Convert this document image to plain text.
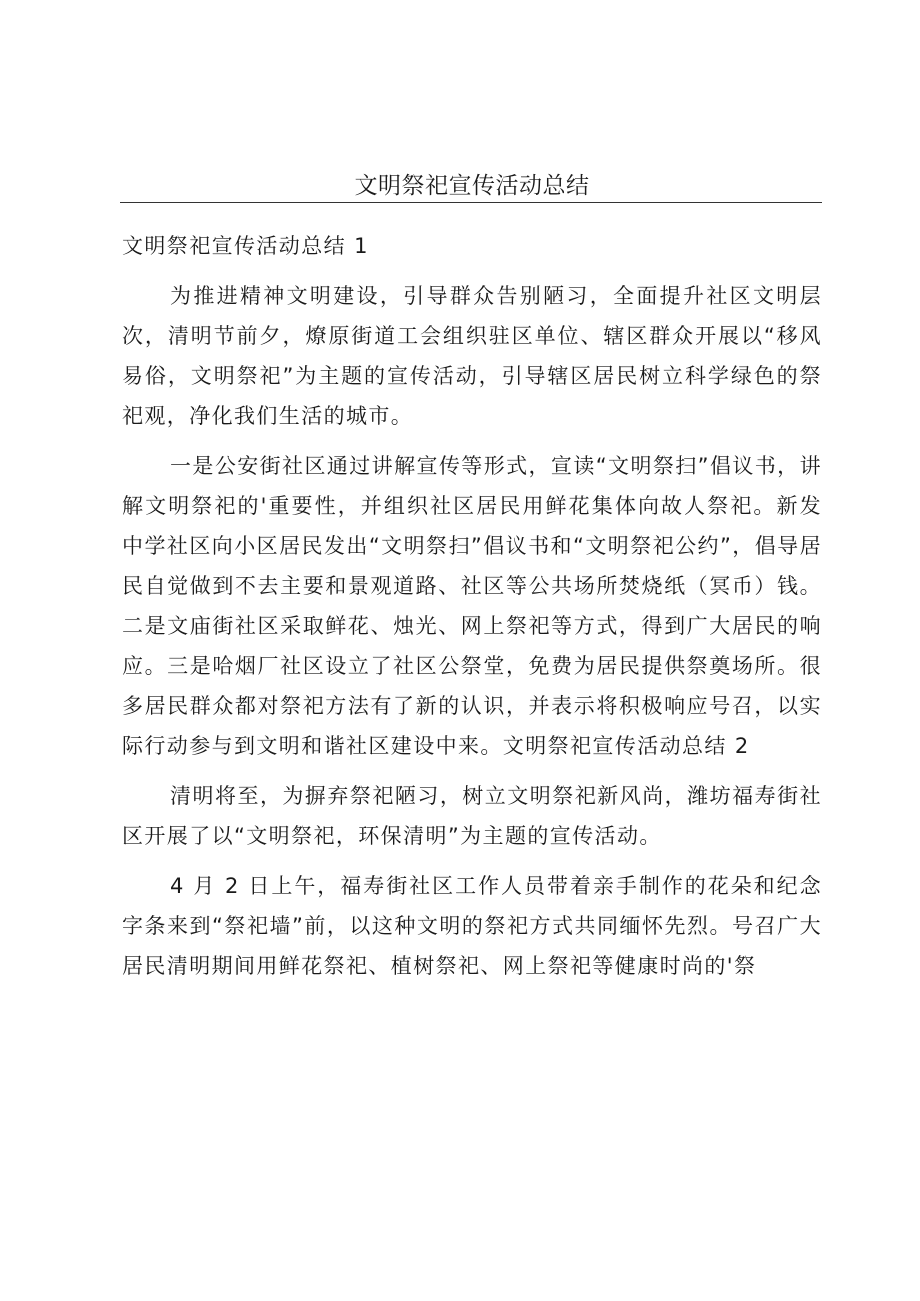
文明祭祀宣传活动总结

文明祭祀宣传活动总结 1

为推进精神文明建设，引导群众告别陋习，全面提升社区文明层次，清明节前夕，燎原街道工会组织驻区单位、辖区群众开展以“移风易俗，文明祭祀”为主题的宣传活动，引导辖区居民树立科学绿色的祭祀观，净化我们生活的城市。

一是公安街社区通过讲解宣传等形式，宣读“文明祭扫”倡议书，讲解文明祭祀的'重要性，并组织社区居民用鲜花集体向故人祭祀。新发中学社区向小区居民发出“文明祭扫”倡议书和“文明祭祀公约”，倡导居民自觉做到不去主要和景观道路、社区等公共场所焚烧纸（冥币）钱。二是文庙街社区采取鲜花、烛光、网上祭祀等方式，得到广大居民的响应。三是哈烟厂社区设立了社区公祭堂，免费为居民提供祭奠场所。很多居民群众都对祭祀方法有了新的认识，并表示将积极响应号召，以实际行动参与到文明和谐社区建设中来。文明祭祀宣传活动总结 2

清明将至，为摒弃祭祀陋习，树立文明祭祀新风尚，潍坊福寿街社区开展了以“文明祭祀，环保清明”为主题的宣传活动。

4 月 2 日上午，福寿街社区工作人员带着亲手制作的花朵和纪念字条来到“祭祀墙”前，以这种文明的祭祀方式共同缅怀先烈。号召广大居民清明期间用鲜花祭祀、植树祭祀、网上祭祀等健康时尚的'祭
